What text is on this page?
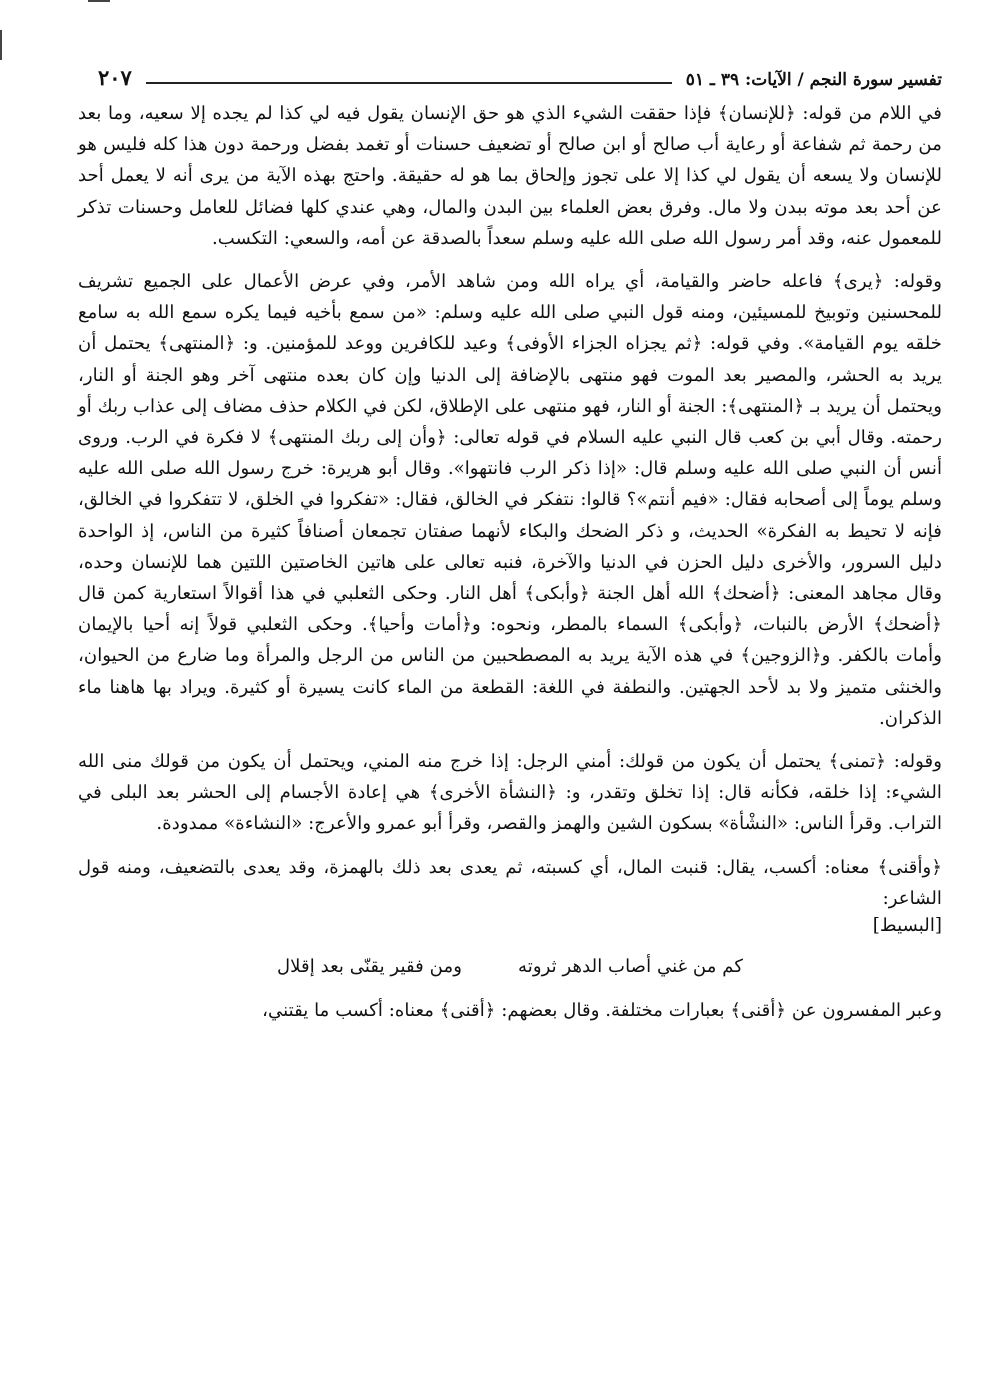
تفسير سورة النجم / الآيات: ٣٩ ـ ٥١
٢٠٧

في اللام من قوله: ﴿للإنسان﴾ فإذا حققت الشيء الذي هو حق الإنسان يقول فيه لي كذا لم يجده إلا سعيه، وما بعد من رحمة ثم شفاعة أو رعاية أب صالح أو ابن صالح أو تضعيف حسنات أو تغمد بفضل ورحمة دون هذا كله فليس هو للإنسان ولا يسعه أن يقول لي كذا إلا على تجوز وإلحاق بما هو له حقيقة. واحتج بهذه الآية من يرى أنه لا يعمل أحد عن أحد بعد موته ببدن ولا مال. وفرق بعض العلماء بين البدن والمال، وهي عندي كلها فضائل للعامل وحسنات تذكر للمعمول عنه، وقد أمر رسول الله صلى الله عليه وسلم سعداً بالصدقة عن أمه، والسعي: التكسب.

وقوله: ﴿يرى﴾ فاعله حاضر والقيامة، أي يراه الله ومن شاهد الأمر، وفي عرض الأعمال على الجميع تشريف للمحسنين وتوبيخ للمسيئين، ومنه قول النبي صلى الله عليه وسلم: «من سمع بأخيه فيما يكره سمع الله به سامع خلقه يوم القيامة». وفي قوله: ﴿ثم يجزاه الجزاء الأوفى﴾ وعيد للكافرين ووعد للمؤمنين. و: ﴿المنتهى﴾ يحتمل أن يريد به الحشر، والمصير بعد الموت فهو منتهى بالإضافة إلى الدنيا وإن كان بعده منتهى آخر وهو الجنة أو النار، ويحتمل أن يريد بـ ﴿المنتهى﴾: الجنة أو النار، فهو منتهى على الإطلاق، لكن في الكلام حذف مضاف إلى عذاب ربك أو رحمته. وقال أبي بن كعب قال النبي عليه السلام في قوله تعالى: ﴿وأن إلى ربك المنتهى﴾ لا فكرة في الرب. وروى أنس أن النبي صلى الله عليه وسلم قال: «إذا ذكر الرب فانتهوا». وقال أبو هريرة: خرج رسول الله صلى الله عليه وسلم يوماً إلى أصحابه فقال: «فيم أنتم»؟ قالوا: نتفكر في الخالق، فقال: «تفكروا في الخلق، لا تتفكروا في الخالق، فإنه لا تحيط به الفكرة» الحديث، و ذكر الضحك والبكاء لأنهما صفتان تجمعان أصنافاً كثيرة من الناس، إذ الواحدة دليل السرور، والأخرى دليل الحزن في الدنيا والآخرة، فنبه تعالى على هاتين الخاصتين اللتين هما للإنسان وحده، وقال مجاهد المعنى: ﴿أضحك﴾ الله أهل الجنة ﴿وأبكى﴾ أهل النار. وحكى الثعلبي في هذا أقوالاً استعارية كمن قال ﴿أضحك﴾ الأرض بالنبات، ﴿وأبكى﴾ السماء بالمطر، ونحوه: و﴿أمات وأحيا﴾. وحكى الثعلبي قولاً إنه أحيا بالإيمان وأمات بالكفر. و﴿الزوجين﴾ في هذه الآية يريد به المصطحبين من الناس من الرجل والمرأة وما ضارع من الحيوان، والخنثى متميز ولا بد لأحد الجهتين. والنطفة في اللغة: القطعة من الماء كانت يسيرة أو كثيرة. ويراد بها هاهنا ماء الذكران.

وقوله: ﴿تمنى﴾ يحتمل أن يكون من قولك: أمني الرجل: إذا خرج منه المني، ويحتمل أن يكون من قولك منى الله الشيء: إذا خلقه، فكأنه قال: إذا تخلق وتقدر، و: ﴿النشأة الأخرى﴾ هي إعادة الأجسام إلى الحشر بعد البلى في التراب. وقرأ الناس: «النشْأة» بسكون الشين والهمز والقصر، وقرأ أبو عمرو والأعرج: «النشاءة» ممدودة.

﴿وأقنى﴾ معناه: أكسب، يقال: قنبت المال، أي كسبته، ثم يعدى بعد ذلك بالهمزة، وقد يعدى بالتضعيف، ومنه قول الشاعر:

[البسيط]

كم من غني أصاب الدهر ثروته
ومن فقير يقنّى بعد إقلال

وعبر المفسرون عن ﴿أقنى﴾ بعبارات مختلفة. وقال بعضهم: ﴿أقنى﴾ معناه: أكسب ما يقتني،
